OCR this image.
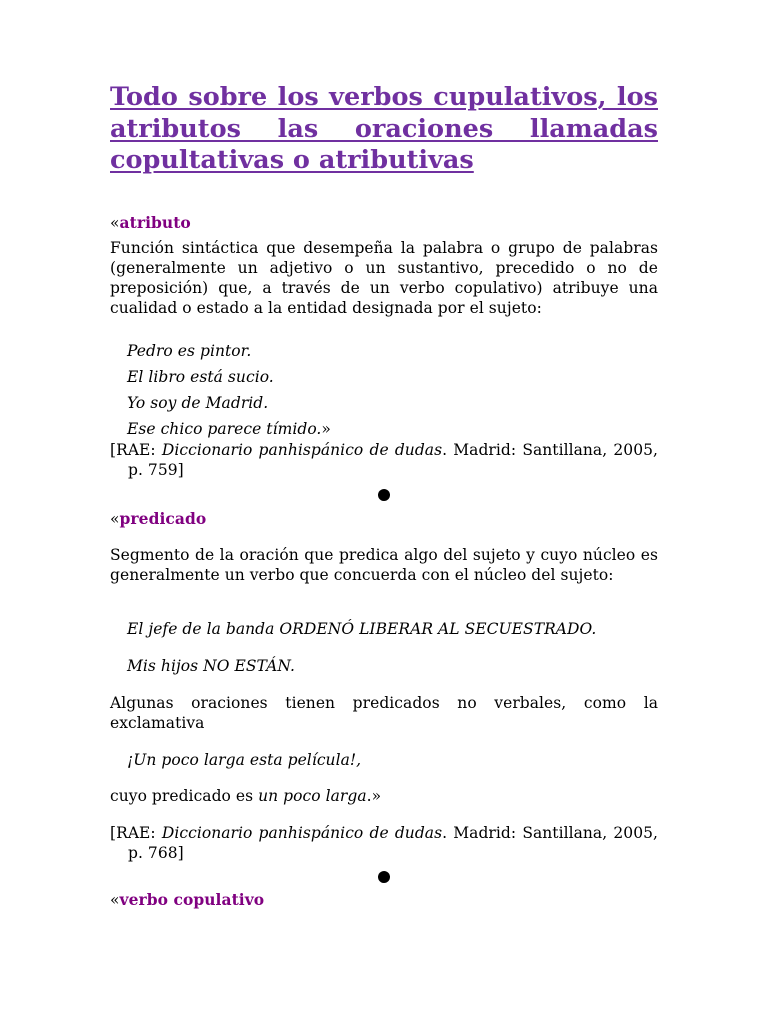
Todo sobre los verbos cupulativos, los atributos las oraciones llamadas copultativas o atributivas

«atributo

Función sintáctica que desempeña la palabra o grupo de palabras (generalmente un adjetivo o un sustantivo, precedido o no de preposición) que, a través de un verbo copulativo) atribuye una cualidad o estado a la entidad designada por el sujeto:

Pedro es pintor.

El libro está sucio.

Yo soy de Madrid.

Ese chico parece tímido.»

[RAE: Diccionario panhispánico de dudas. Madrid: Santillana, 2005, p. 759]

«predicado

Segmento de la oración que predica algo del sujeto y cuyo núcleo es generalmente un verbo que concuerda con el núcleo del sujeto:

El jefe de la banda ORDENÓ LIBERAR AL SECUESTRADO.

Mis hijos NO ESTÁN.

Algunas oraciones tienen predicados no verbales, como la exclamativa

¡Un poco larga esta película!,

cuyo predicado es un poco larga.»

[RAE: Diccionario panhispánico de dudas. Madrid: Santillana, 2005, p. 768]

«verbo copulativo
